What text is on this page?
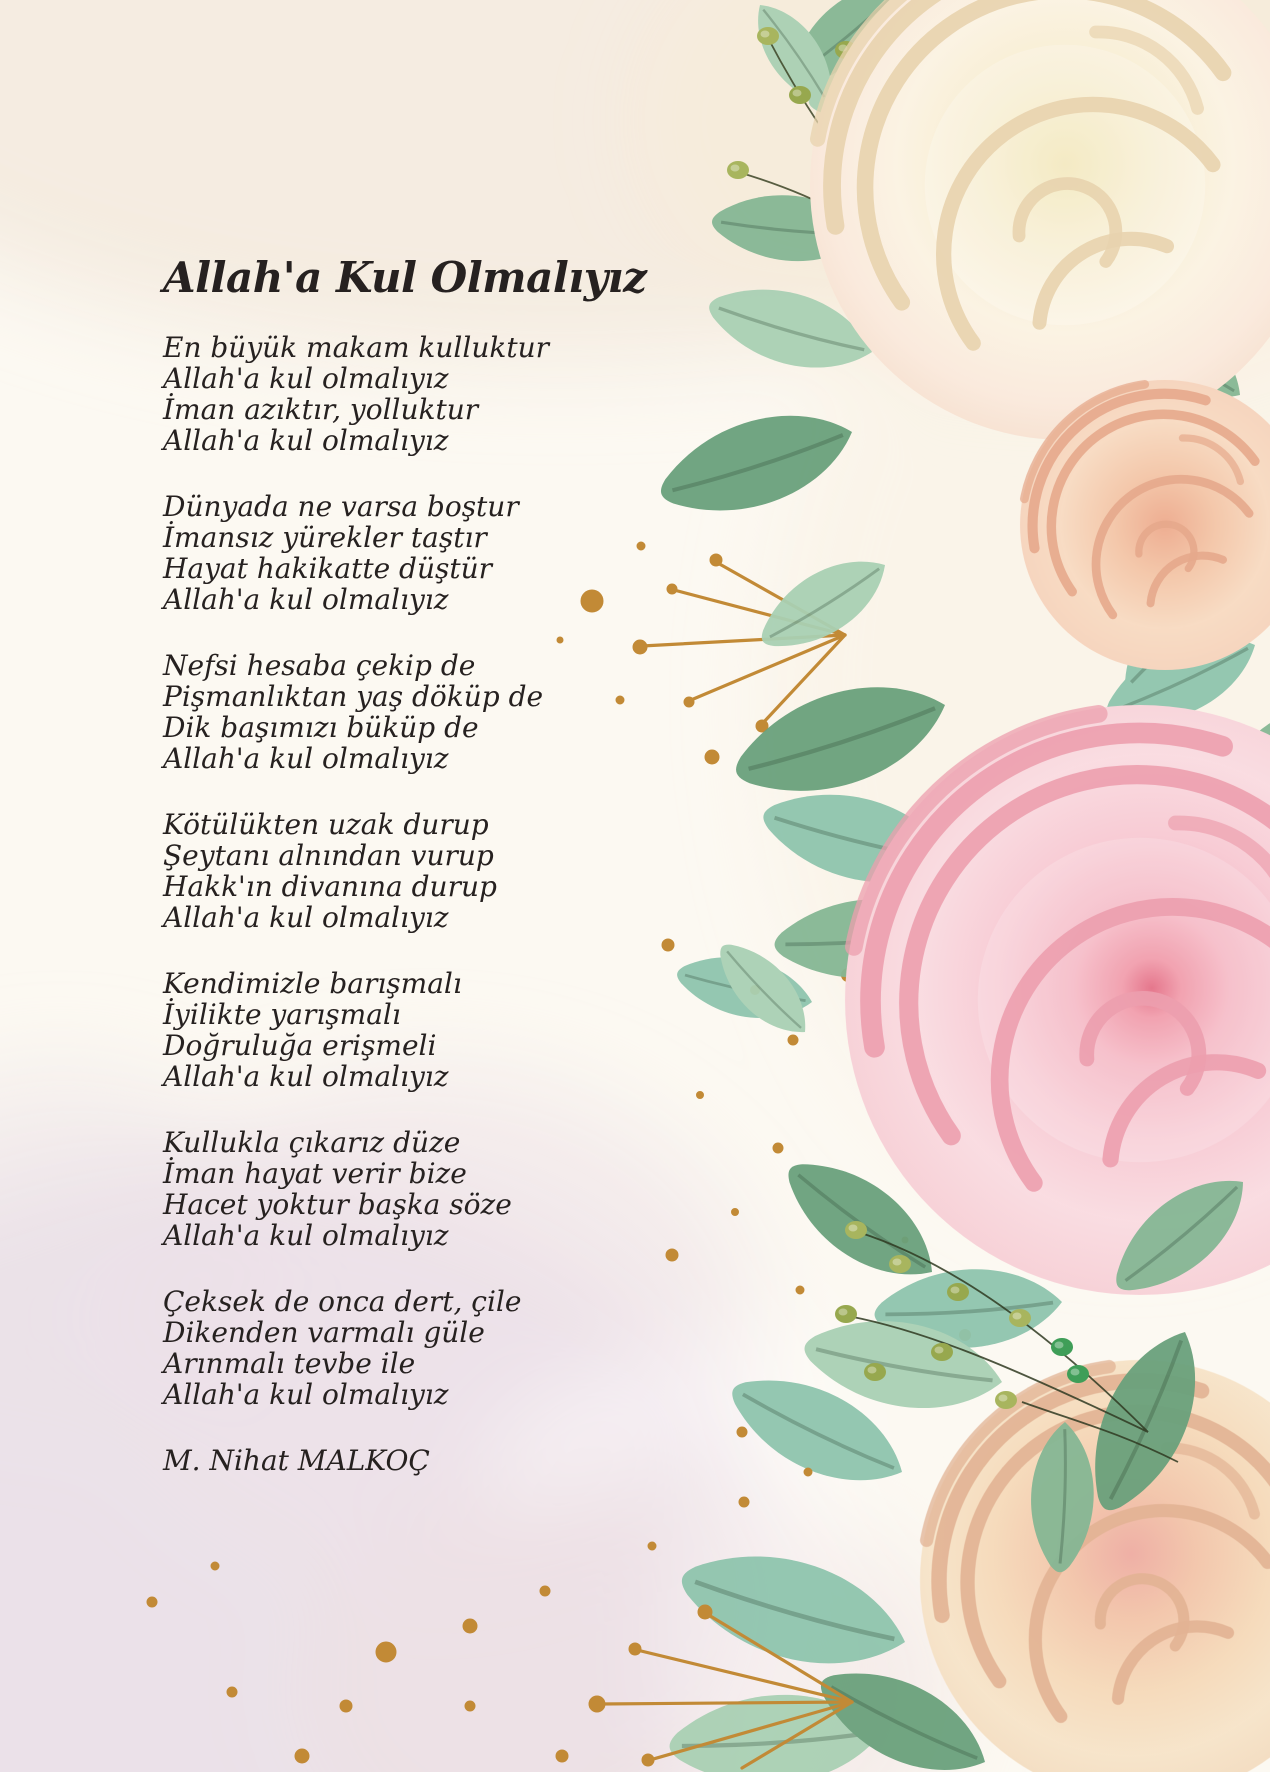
Allah'a Kul Olmalıyız

En büyük makam kulluktur

Allah'a kul olmalıyız

İman azıktır, yolluktur

Allah'a kul olmalıyız

Dünyada ne varsa boştur

İmansız yürekler taştır

Hayat hakikatte düştür

Allah'a kul olmalıyız

Nefsi hesaba çekip de

Pişmanlıktan yaş döküp de

Dik başımızı büküp de

Allah'a kul olmalıyız

Kötülükten uzak durup

Şeytanı alnından vurup

Hakk'ın divanına durup

Allah'a kul olmalıyız

Kendimizle barışmalı

İyilikte yarışmalı

Doğruluğa erişmeli

Allah'a kul olmalıyız

Kullukla çıkarız düze

İman hayat verir bize

Hacet yoktur başka söze

Allah'a kul olmalıyız

Çeksek de onca dert, çile

Dikenden varmalı güle

Arınmalı tevbe ile

Allah'a kul olmalıyız

M. Nihat MALKOÇ
